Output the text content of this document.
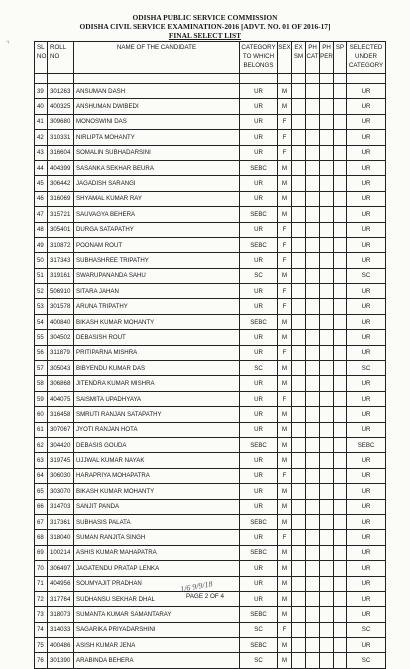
ODISHA PUBLIC SERVICE COMMISSION
ODISHA CIVIL SERVICE EXAMINATION-2016 [ADVT. NO. 01 OF 2016-17]
FINAL SELECT LIST
⌝	SL NO	ROLL NO	NAME OF THE CANDIDATE	CATEGORY TO WHICH BELONGS	SEX	EX SM	PH CAT	PH PER	SP	SELECTED UNDER CATEGORY

39	301263	ANSUMAN DASH	UR	M					UR
40	400325	ANSHUMAN DWIBEDI	UR	M					UR
41	309680	MONOSWINI DAS	UR	F					UR
42	310331	NIRLIPTA MOHANTY	UR	F					UR
43	316604	SOMALIN SUBHADARSINI	UR	F					UR
44	404399	SASANKA SEKHAR BEURA	SEBC	M					UR
45	306442	JAGADISH SARANGI	UR	M					UR
46	316069	SHYAMAL KUMAR RAY	UR	M					UR
47	315721	SAUVAGYA BEHERA	SEBC	M					UR
48	305401	DURGA SATAPATHY	UR	F					UR
49	310872	POONAM ROUT	SEBC	F					UR
50	317343	SUBHASHREE TRIPATHY	UR	F					UR
51	319161	SWARUPANANDA SAHU	SC	M					SC
52	506910	SITARA JAHAN	UR	F					UR
53	301578	ARUNA TRIPATHY	UR	F					UR
54	400840	BIKASH KUMAR MOHANTY	SEBC	M					UR
55	304502	DEBASISH ROUT	UR	M					UR
56	311879	PRITIPARNA MISHRA	UR	F					UR
57	305043	BIBYENDU KUMAR DAS	SC	M					SC
58	306868	JITENDRA KUMAR MISHRA	UR	M					UR
59	404075	SAISMITA UPADHYAYA	UR	F					UR
60	316458	SMRUTI RANJAN SATAPATHY	UR	M					UR
61	307067	JYOTI RANJAN HOTA	UR	M					UR
62	304420	DEBASIS GOUDA	SEBC	M					SEBC
63	319745	UJJWAL KUMAR NAYAK	UR	M					UR
64	306030	HARAPRIYA MOHAPATRA	UR	F					UR
65	303070	BIKASH KUMAR MOHANTY	UR	M					UR
66	314703	SANJIT PANDA	UR	M					UR
67	317361	SUBHASIS PALATA	SEBC	M					UR
68	318040	SUMAN RANJITA SINGH	UR	F					UR
69	100214	ASHIS KUMAR MAHAPATRA	SEBC	M					UR
70	306497	JAGATENDU PRATAP LENKA	UR	M					UR
71	404956	SOUMYAJIT PRADHAN	UR	M					UR
72	317764	SUDHANSU SEKHAR DHAL	UR	M					UR
73	318073	SUMANTA KUMAR SAMANTARAY	SEBC	M					UR
74	314033	SAGARIKA PRIYADARSHINI	SC	F					SC
75	400486	ASISH KUMAR JENA	SEBC	M					UR
76	301390	ARABINDA BEHERA	SC	M					SC
1/6 9/9/18
PAGE 2 OF 4
